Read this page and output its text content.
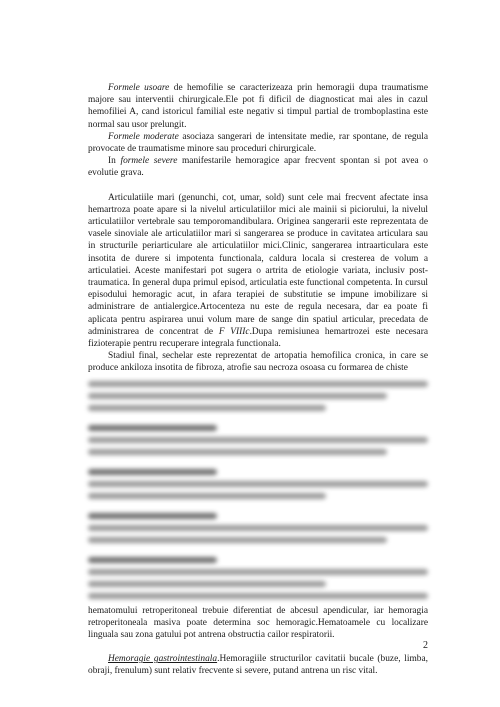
Formele usoare de hemofilie se caracterizeaza prin hemoragii dupa traumatisme majore sau interventii chirurgicale.Ele pot fi dificil de diagnosticat mai ales in cazul hemofiliei A, cand istoricul familial este negativ si timpul partial de tromboplastina este normal sau usor prelungit.

Formele moderate asociaza sangerari de intensitate medie, rar spontane, de regula provocate de traumatisme minore sau proceduri chirurgicale.

In formele severe manifestarile hemoragice apar frecvent spontan si pot avea o evolutie grava.

Articulatiile mari (genunchi, cot, umar, sold) sunt cele mai frecvent afectate insa hemartroza poate apare si la nivelul articulatiilor mici ale mainii si piciorului, la nivelul articulatiilor vertebrale sau temporomandibulara. Originea sangerarii este reprezentata de vasele sinoviale ale articulatiilor mari si sangerarea se produce in cavitatea articulara sau in structurile periarticulare ale articulatiilor mici.Clinic, sangerarea intraarticulara este insotita de durere si impotenta functionala, caldura locala si cresterea de volum a articulatiei. Aceste manifestari pot sugera o artrita de etiologie variata, inclusiv post-traumatica. In general dupa primul episod, articulatia este functional competenta. In cursul episodului hemoragic acut, in afara terapiei de substitutie se impune imobilizare si administrare de antialergice.Artocenteza nu este de regula necesara, dar ea poate fi aplicata pentru aspirarea unui volum mare de sange din spatiul articular, precedata de administrarea de concentrat de F VIIIc.Dupa remisiunea hemartrozei este necesara fizioterapie pentru recuperare integrala functionala.

Stadiul final, sechelar este reprezentat de artopatia hemofilica cronica, in care se produce ankiloza insotita de fibroza, atrofie sau necroza osoasa cu formarea de chiste

hematomului retroperitoneal trebuie diferentiat de abcesul apendicular, iar hemoragia retroperitoneala masiva poate determina soc hemoragic.Hematoamele cu localizare linguala sau zona gatului pot antrena obstructia cailor respiratorii.

Hemoragie gastrointestinala.Hemoragiile structurilor cavitatii bucale (buze, limba, obraji, frenulum) sunt relativ frecvente si severe, putand antrena un risc vital.

2
